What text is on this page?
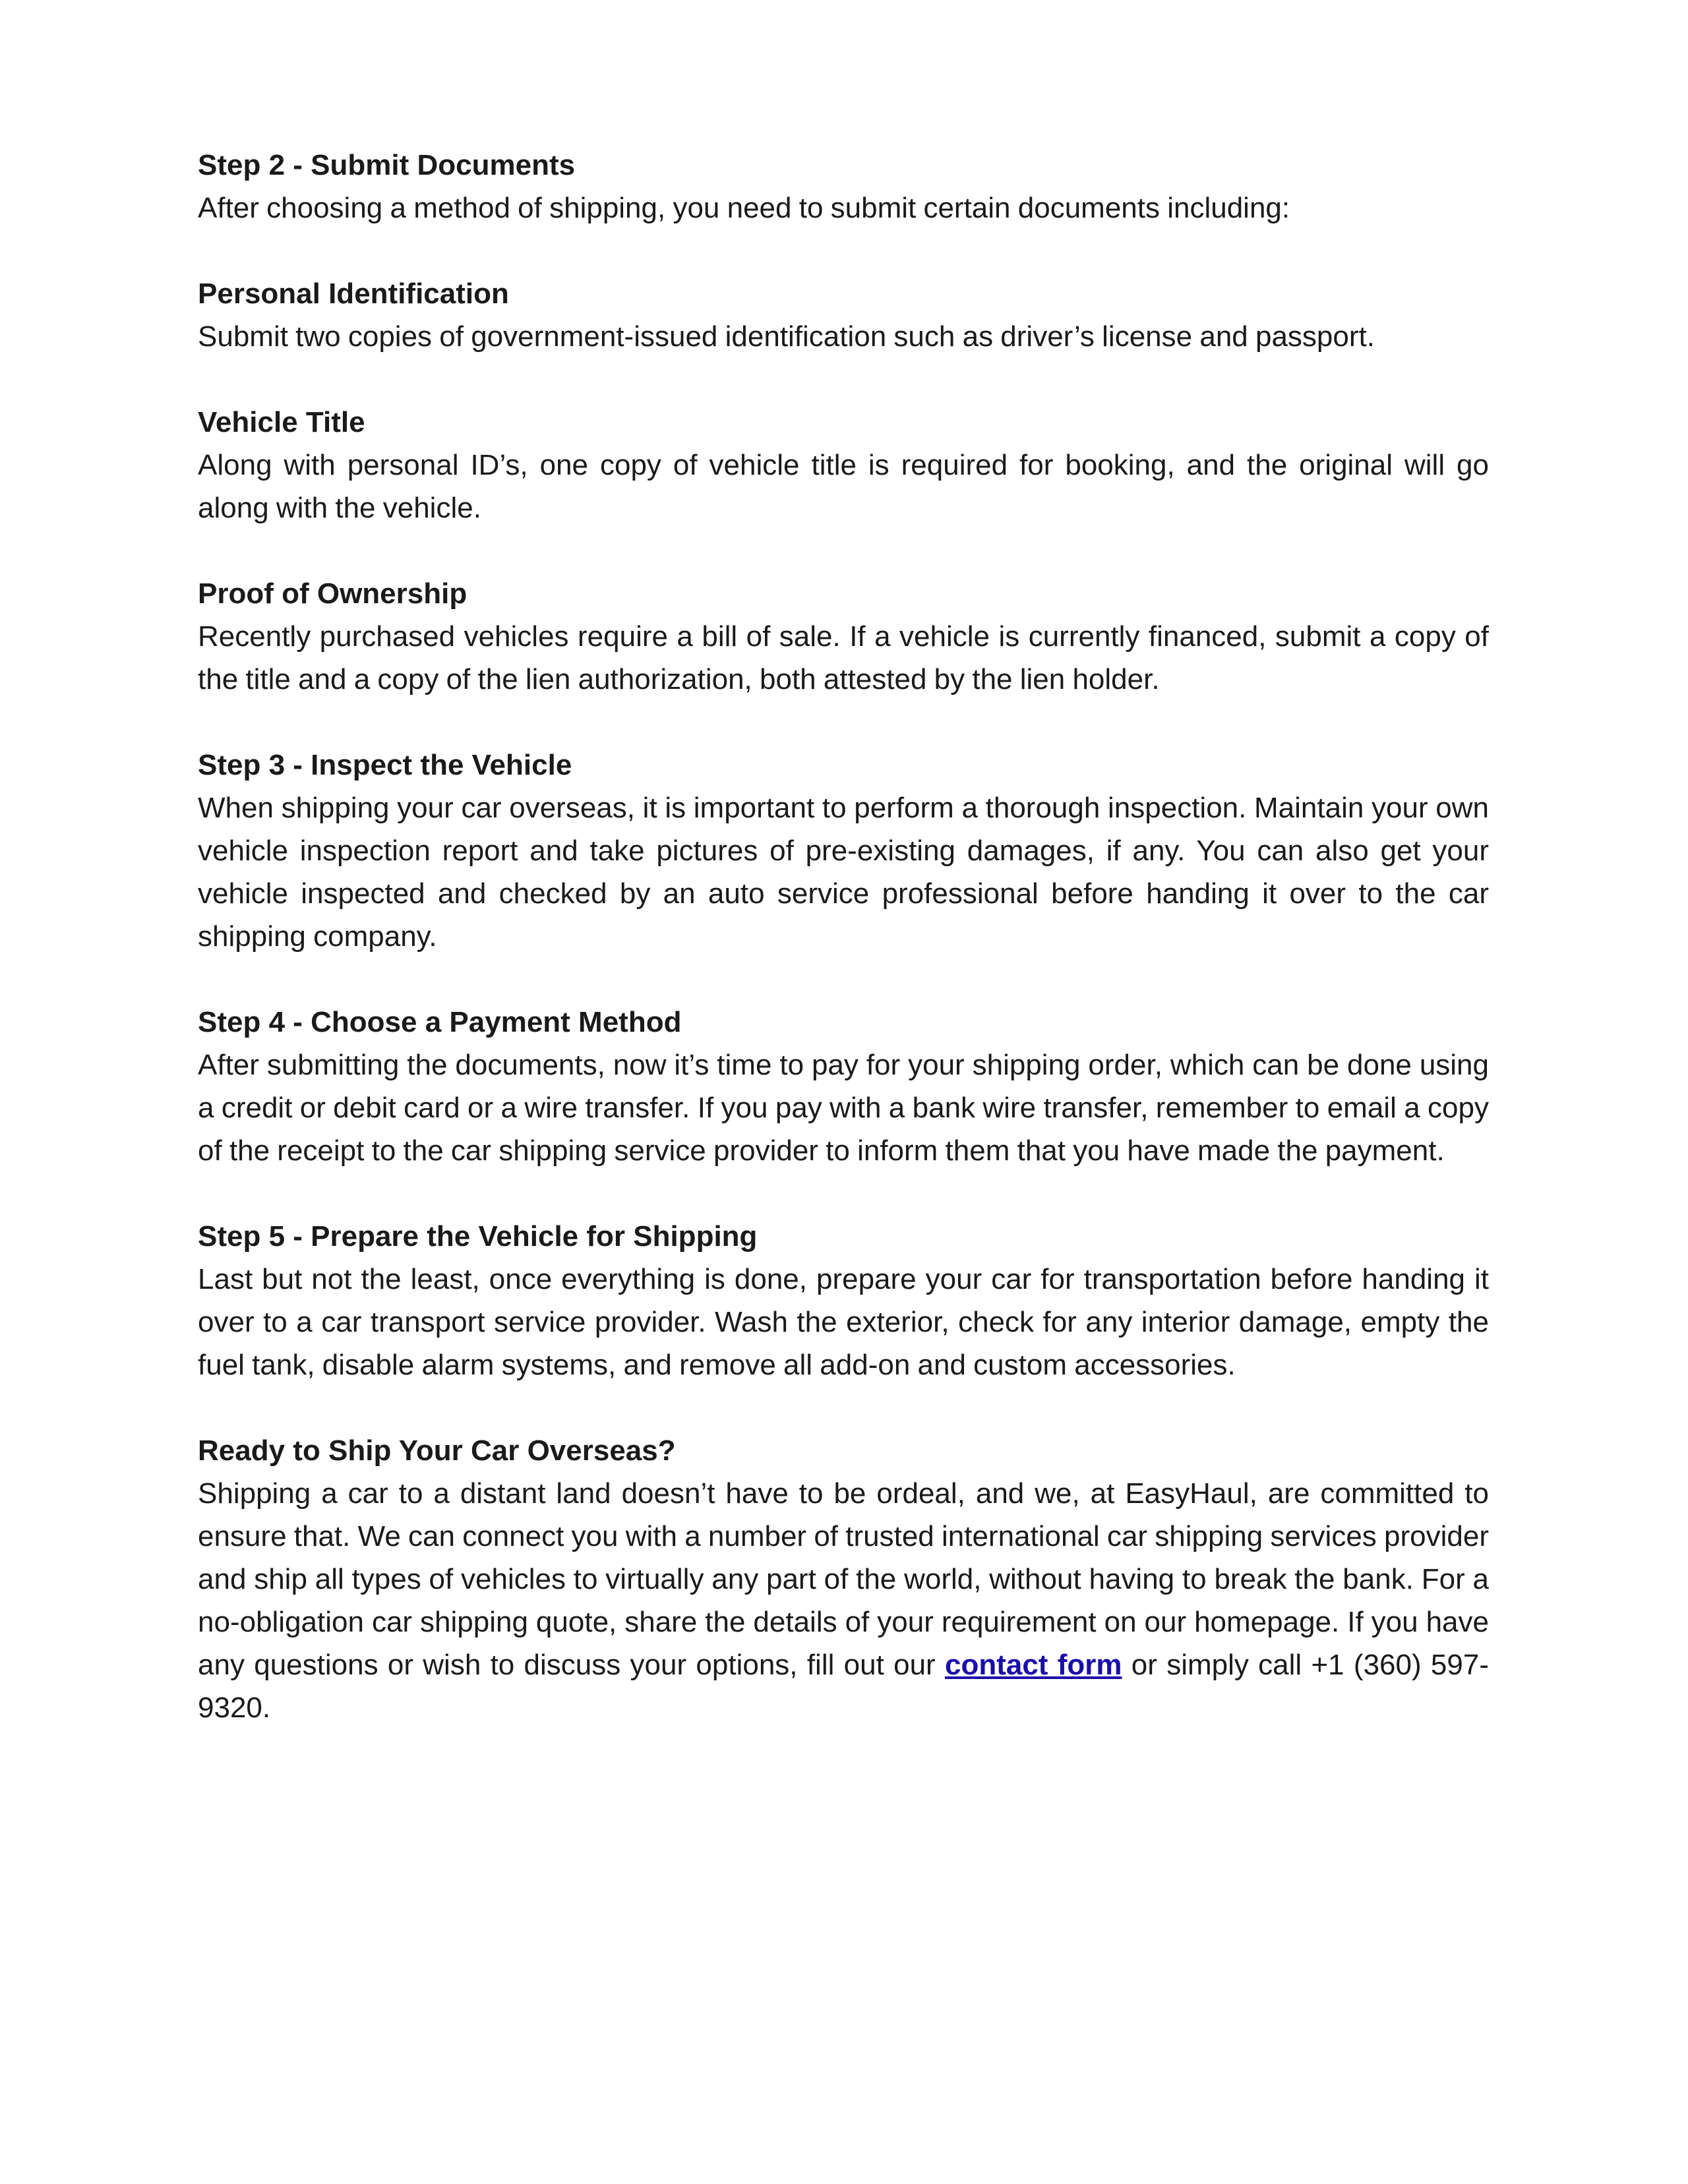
Step 2 - Submit Documents

After choosing a method of shipping, you need to submit certain documents including:

Personal Identification

Submit two copies of government-issued identification such as driver’s license and passport.

Vehicle Title

Along with personal ID’s, one copy of vehicle title is required for booking, and the original will go along with the vehicle.

Proof of Ownership

Recently purchased vehicles require a bill of sale. If a vehicle is currently financed, submit a copy of the title and a copy of the lien authorization, both attested by the lien holder.

Step 3 - Inspect the Vehicle

When shipping your car overseas, it is important to perform a thorough inspection. Maintain your own vehicle inspection report and take pictures of pre-existing damages, if any. You can also get your vehicle inspected and checked by an auto service professional before handing it over to the car shipping company.

Step 4 - Choose a Payment Method

After submitting the documents, now it’s time to pay for your shipping order, which can be done using a credit or debit card or a wire transfer. If you pay with a bank wire transfer, remember to email a copy of the receipt to the car shipping service provider to inform them that you have made the payment.

Step 5 - Prepare the Vehicle for Shipping

Last but not the least, once everything is done, prepare your car for transportation before handing it over to a car transport service provider. Wash the exterior, check for any interior damage, empty the fuel tank, disable alarm systems, and remove all add-on and custom accessories.

Ready to Ship Your Car Overseas?

Shipping a car to a distant land doesn’t have to be ordeal, and we, at EasyHaul, are committed to ensure that. We can connect you with a number of trusted international car shipping services provider and ship all types of vehicles to virtually any part of the world, without having to break the bank. For a no-obligation car shipping quote, share the details of your requirement on our homepage. If you have any questions or wish to discuss your options, fill out our contact form or simply call +1 (360) 597-9320.
